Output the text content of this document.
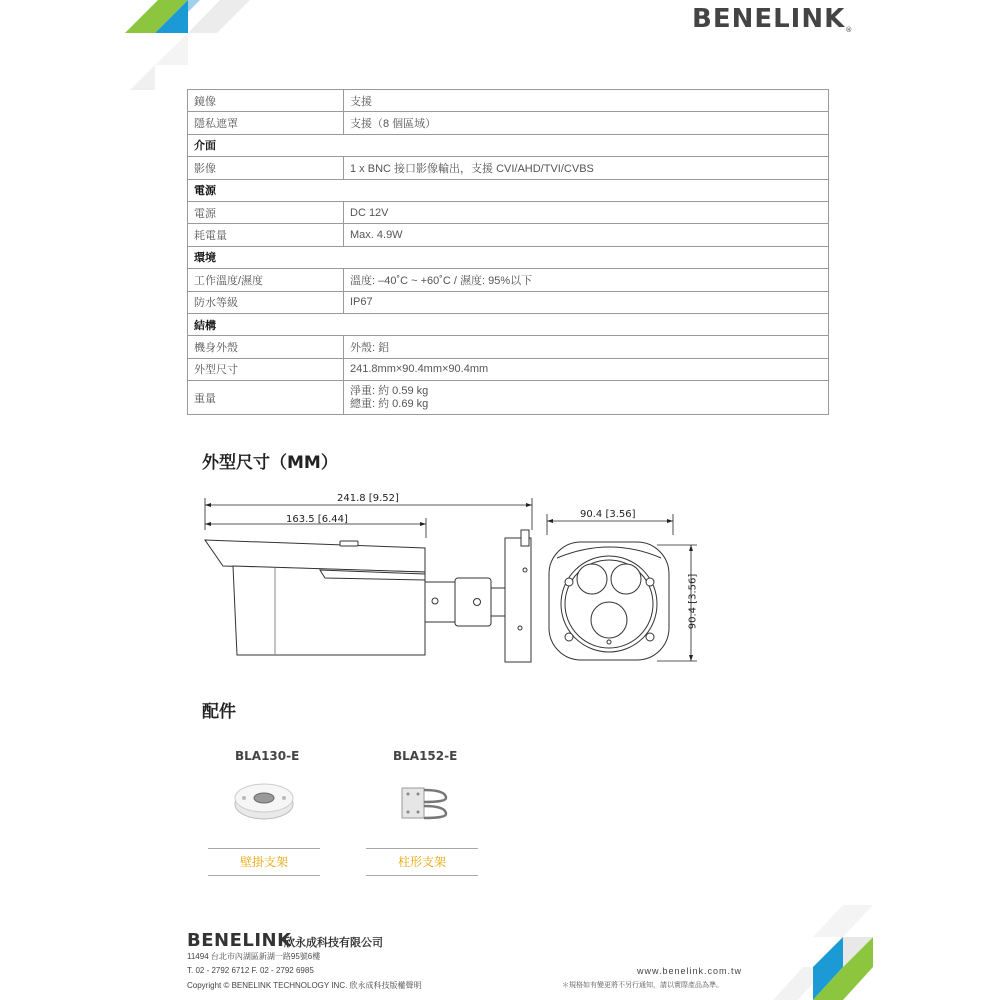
BENELINK®
鏡像	支援
隱私遮罩	支援（8 個區域）
介面	
影像	1 x BNC 接口影像輸出，支援 CVI/AHD/TVI/CVBS
電源	
電源	DC 12V
耗電量	Max. 4.9W
環境	
工作溫度/濕度	溫度: –40˚C ~ +60˚C / 濕度: 95%以下
防水等級	IP67
結構	
機身外殼	外殼: 鋁
外型尺寸	241.8mm×90.4mm×90.4mm
重量	淨重: 約 0.59 kg
總重: 約 0.69 kg
外型尺寸（MM）
241.8 [9.52]
163.5 [6.44]	90.4 [3.56]
90.4 [3.56]
配件
BLA130-E
壁掛支架
BLA152-E
柱形支架
BENELINK
欣永成科技有限公司
11494 台北市內湖區新湖一路95號6樓
T. 02 - 2792 6712 F. 02 - 2792 6985
Copyright © BENELINK TECHNOLOGY INC. 欣永成科技版權聲明
www.benelink.com.tw
＊規格如有變更將不另行通知，請以實際產品為準。
